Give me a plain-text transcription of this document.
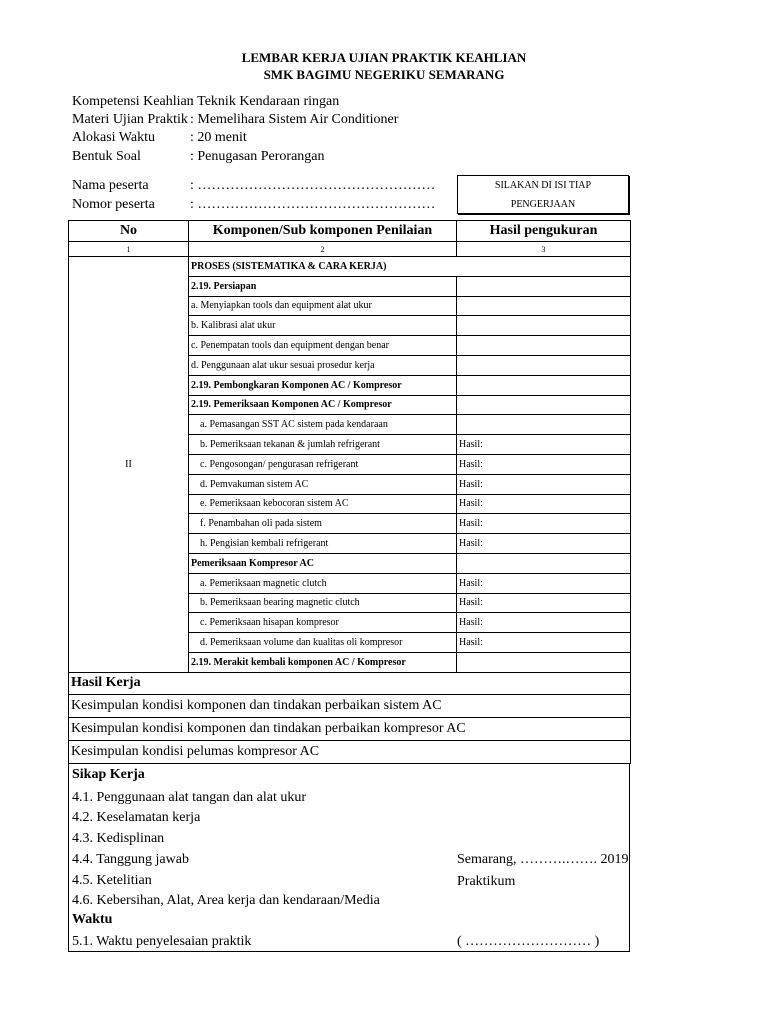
LEMBAR KERJA UJIAN PRAKTIK KEAHLIAN
SMK BAGIMU NEGERIKU SEMARANG
Kompetensi Keahlian
: Teknik Kendaraan ringan
Materi Ujian Praktik : Memelihara Sistem Air Conditioner
Alokasi Waktu	: 20 menit
Bentuk Soal	: Penugasan Perorangan
Nama peserta	: ……………………………………………
Nomor peserta	: ……………………………………………
SILAKAN DI ISI TIAP
PENGERJAAN
No	Komponen/Sub komponen Penilaian	Hasil pengukuran
1	2	3
II	PROSES (SISTEMATIKA & CARA KERJA)	
	2.19. Persiapan	
	a. Menyiapkan tools dan equipment alat ukur	
	b. Kalibrasi alat ukur	
	c. Penempatan tools dan equipment dengan benar	
	d. Penggunaan alat ukur sesuai prosedur kerja	
	2.19. Pembongkaran Komponen AC / Kompresor	
	2.19. Pemeriksaan Komponen AC / Kompresor	
	a. Pemasangan SST AC sistem pada kendaraan	
	b. Pemeriksaan tekanan & jumlah refrigerant	Hasil:
	c. Pengosongan/ pengurasan refrigerant	Hasil:
	d. Pemvakuman sistem AC	Hasil:
	e. Pemeriksaan kebocoran sistem AC	Hasil:
	f. Penambahan oli pada sistem	Hasil:
	h. Pengisian kembali refrigerant	Hasil:
	Pemeriksaan Kompresor AC	
	a. Pemeriksaan magnetic clutch	Hasil:
	b. Pemeriksaan bearing magnetic clutch	Hasil:
	c. Pemeriksaan hisapan kompresor	Hasil:
	d. Pemeriksaan volume dan kualitas oli kompresor	Hasil:
	2.19. Merakit kembali komponen AC / Kompresor	
Hasil Kerja		
Kesimpulan kondisi komponen dan tindakan perbaikan sistem AC		
Kesimpulan kondisi komponen dan tindakan perbaikan kompresor AC		
Kesimpulan kondisi pelumas kompresor AC		
Sikap Kerja
4.1. Penggunaan alat tangan dan alat ukur
4.2. Keselamatan kerja
4.3. Kedisplinan
4.4. Tanggung jawab
4.5. Ketelitian
4.6. Kebersihan, Alat, Area kerja dan kendaraan/Media
Waktu
5.1. Waktu penyelesaian praktik
Semarang, ……….……. 2019
Praktikum
( ……………………… )
